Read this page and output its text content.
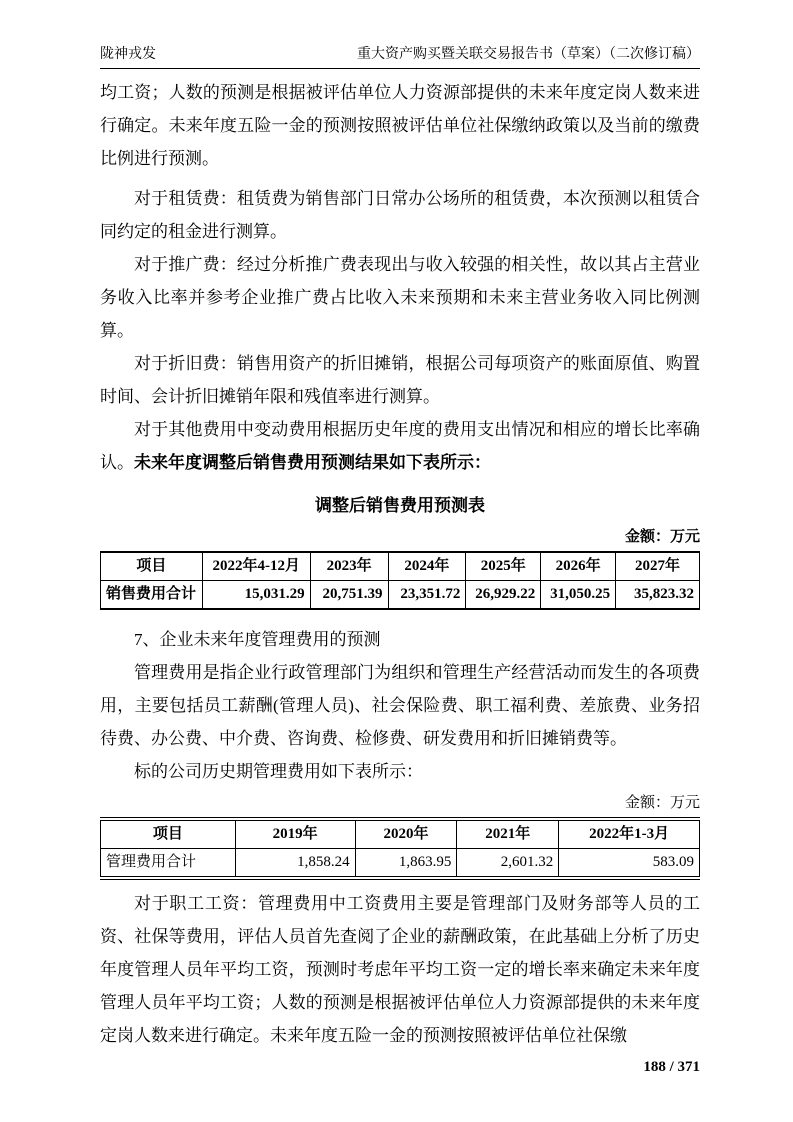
陇神戎发	重大资产购买暨关联交易报告书（草案）（二次修订稿）

均工资；人数的预测是根据被评估单位人力资源部提供的未来年度定岗人数来进行确定。未来年度五险一金的预测按照被评估单位社保缴纳政策以及当前的缴费比例进行预测。

对于租赁费：租赁费为销售部门日常办公场所的租赁费，本次预测以租赁合同约定的租金进行测算。

对于推广费：经过分析推广费表现出与收入较强的相关性，故以其占主营业务收入比率并参考企业推广费占比收入未来预期和未来主营业务收入同比例测算。

对于折旧费：销售用资产的折旧摊销，根据公司每项资产的账面原值、购置时间、会计折旧摊销年限和残值率进行测算。

对于其他费用中变动费用根据历史年度的费用支出情况和相应的增长比率确认。未来年度调整后销售费用预测结果如下表所示：

调整后销售费用预测表
金额：万元
项目	2022年4-12月	2023年	2024年	2025年	2026年	2027年
销售费用合计	15,031.29	20,751.39	23,351.72	26,929.22	31,050.25	35,823.32

7、企业未来年度管理费用的预测

管理费用是指企业行政管理部门为组织和管理生产经营活动而发生的各项费用，主要包括员工薪酬(管理人员)、社会保险费、职工福利费、差旅费、业务招待费、办公费、中介费、咨询费、检修费、研发费用和折旧摊销费等。

标的公司历史期管理费用如下表所示：

金额：万元
项目	2019年	2020年	2021年	2022年1-3月
管理费用合计	1,858.24	1,863.95	2,601.32	583.09

对于职工工资：管理费用中工资费用主要是管理部门及财务部等人员的工资、社保等费用，评估人员首先查阅了企业的薪酬政策，在此基础上分析了历史年度管理人员年平均工资，预测时考虑年平均工资一定的增长率来确定未来年度管理人员年平均工资；人数的预测是根据被评估单位人力资源部提供的未来年度定岗人数来进行确定。未来年度五险一金的预测按照被评估单位社保缴

188 / 371
